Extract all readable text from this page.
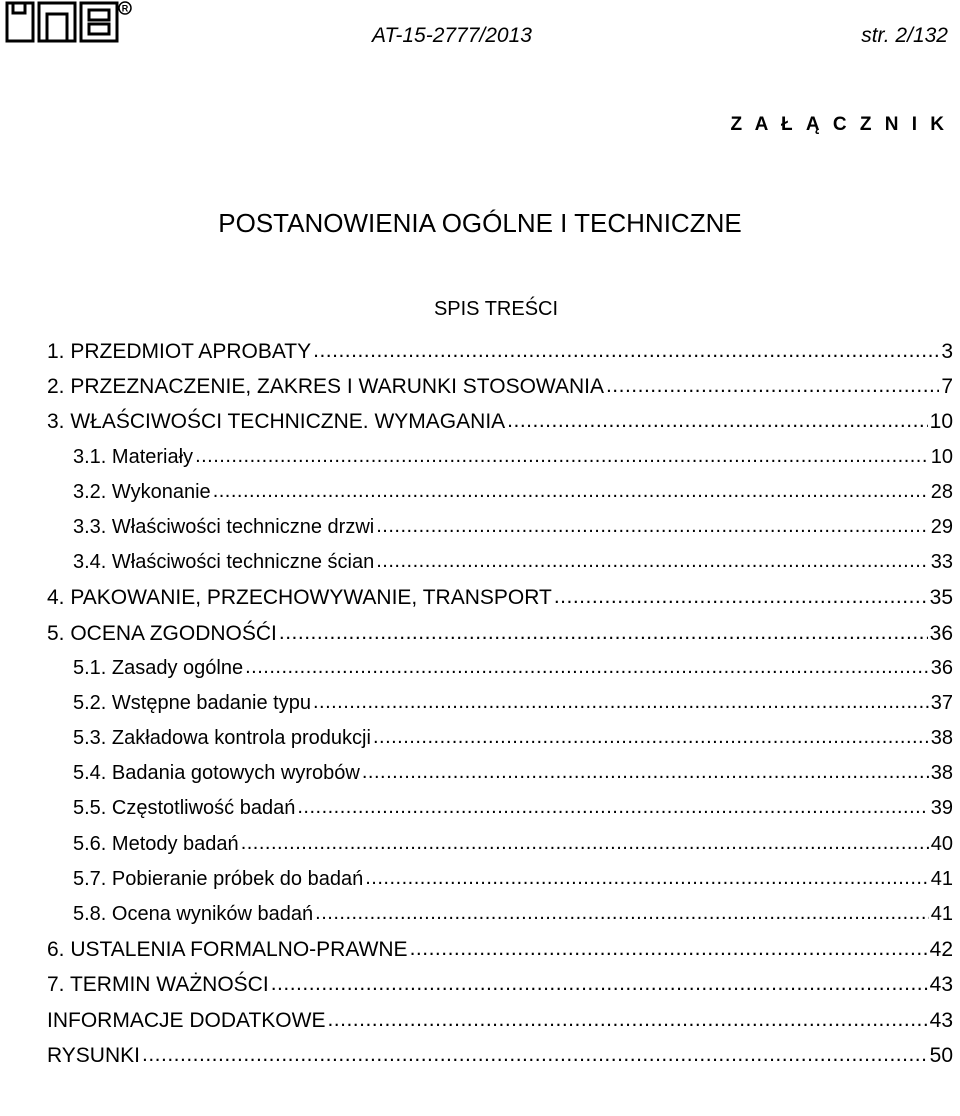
R
AT-15-2777/2013	str. 2/132
Z A Ł Ą C Z N I K
POSTANOWIENIA OGÓLNE I TECHNICZNE
SPIS TREŚCI
1. PRZEDMIOT APROBATY .....	3
2. PRZEZNACZENIE, ZAKRES I WARUNKI STOSOWANIA .....	7
3. WŁAŚCIWOŚCI TECHNICZNE. WYMAGANIA .....	10
3.1. Materiały .....	10
3.2. Wykonanie .....	28
3.3. Właściwości techniczne drzwi .....	29
3.4. Właściwości techniczne ścian .....	33
4. PAKOWANIE, PRZECHOWYWANIE, TRANSPORT .....	35
5. OCENA ZGODNOŚĆI .....	36
5.1. Zasady ogólne .....	36
5.2. Wstępne badanie typu .....	37
5.3. Zakładowa kontrola produkcji .....	38
5.4. Badania gotowych wyrobów .....	38
5.5. Częstotliwość badań .....	39
5.6. Metody badań .....	40
5.7. Pobieranie próbek do badań .....	41
5.8. Ocena wyników badań .....	41
6. USTALENIA FORMALNO-PRAWNE .....	42
7. TERMIN WAŻNOŚCI .....	43
INFORMACJE DODATKOWE .....	43
RYSUNKI .....	50
